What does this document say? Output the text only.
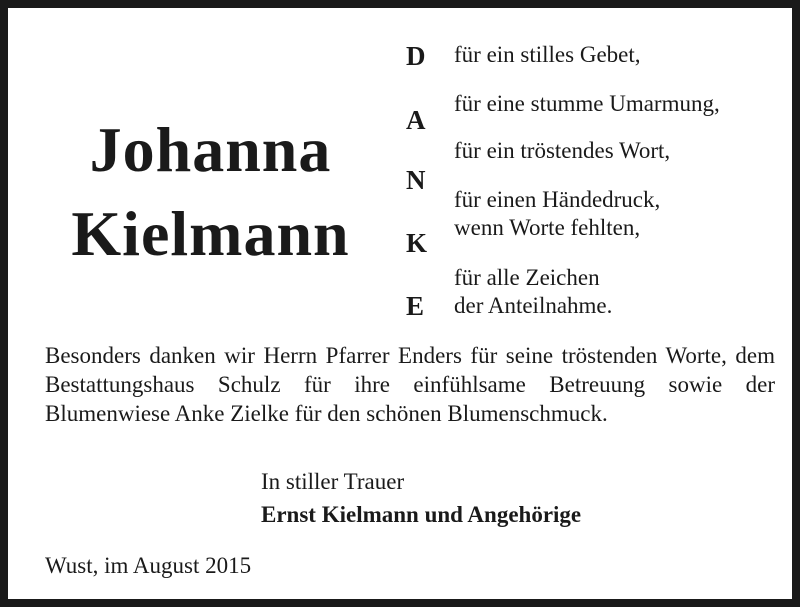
Johanna
Kielmann
D
A
N
K
E
für ein stilles Gebet,
für eine stumme Umarmung,
für ein tröstendes Wort,
für einen Händedruck,
wenn Worte fehlten,
für alle Zeichen
der Anteilnahme.
Besonders danken wir Herrn Pfarrer Enders für seine tröstenden Worte, dem Bestattungshaus Schulz für ihre einfühlsame Betreuung sowie der Blumenwiese Anke Zielke für den schönen Blumenschmuck.
In stiller Trauer
Ernst Kielmann und Angehörige
Wust, im August 2015
